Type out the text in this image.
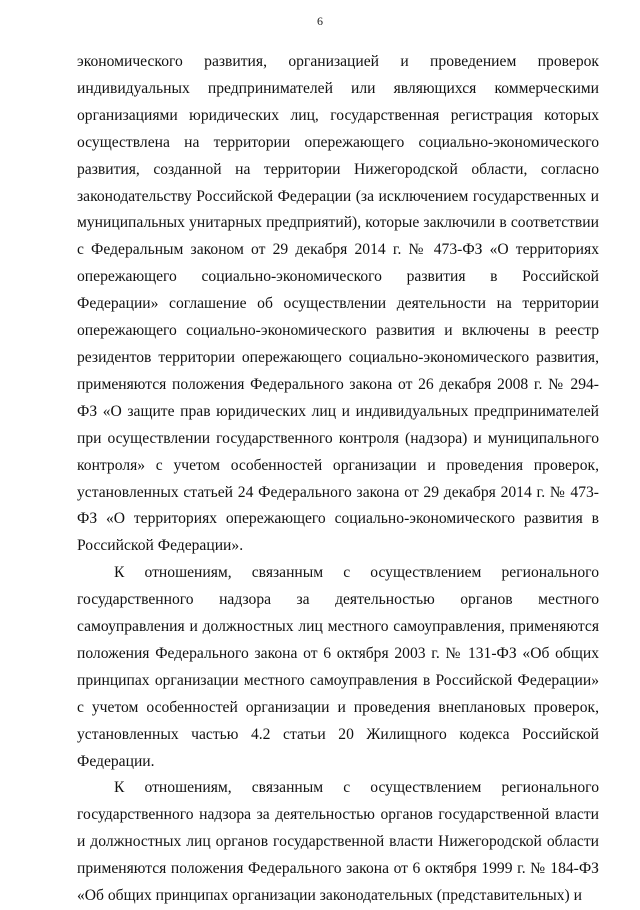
6

экономического развития, организацией и проведением проверок индивидуальных предпринимателей или являющихся коммерческими организациями юридических лиц, государственная регистрация которых осуществлена на территории опережающего социально-экономического развития, созданной на территории Нижегородской области, согласно законодательству Российской Федерации (за исключением государственных и муниципальных унитарных предприятий), которые заключили в соответствии с Федеральным законом от 29 декабря 2014 г. № 473-ФЗ «О территориях опережающего социально-экономического развития в Российской Федерации» соглашение об осуществлении деятельности на территории опережающего социально-экономического развития и включены в реестр резидентов территории опережающего социально-экономического развития, применяются положения Федерального закона от 26 декабря 2008 г. № 294-ФЗ «О защите прав юридических лиц и индивидуальных предпринимателей при осуществлении государственного контроля (надзора) и муниципального контроля» с учетом особенностей организации и проведения проверок, установленных статьей 24 Федерального закона от 29 декабря 2014 г. № 473-ФЗ «О территориях опережающего социально-экономического развития в Российской Федерации».

К отношениям, связанным с осуществлением регионального государственного надзора за деятельностью органов местного самоуправления и должностных лиц местного самоуправления, применяются положения Федерального закона от 6 октября 2003 г. № 131-ФЗ «Об общих принципах организации местного самоуправления в Российской Федерации» с учетом особенностей организации и проведения внеплановых проверок, установленных частью 4.2 статьи 20 Жилищного кодекса Российской Федерации.

К отношениям, связанным с осуществлением регионального государственного надзора за деятельностью органов государственной власти и должностных лиц органов государственной власти Нижегородской области применяются положения Федерального закона от 6 октября 1999 г. № 184-ФЗ «Об общих принципах организации законодательных (представительных) и
